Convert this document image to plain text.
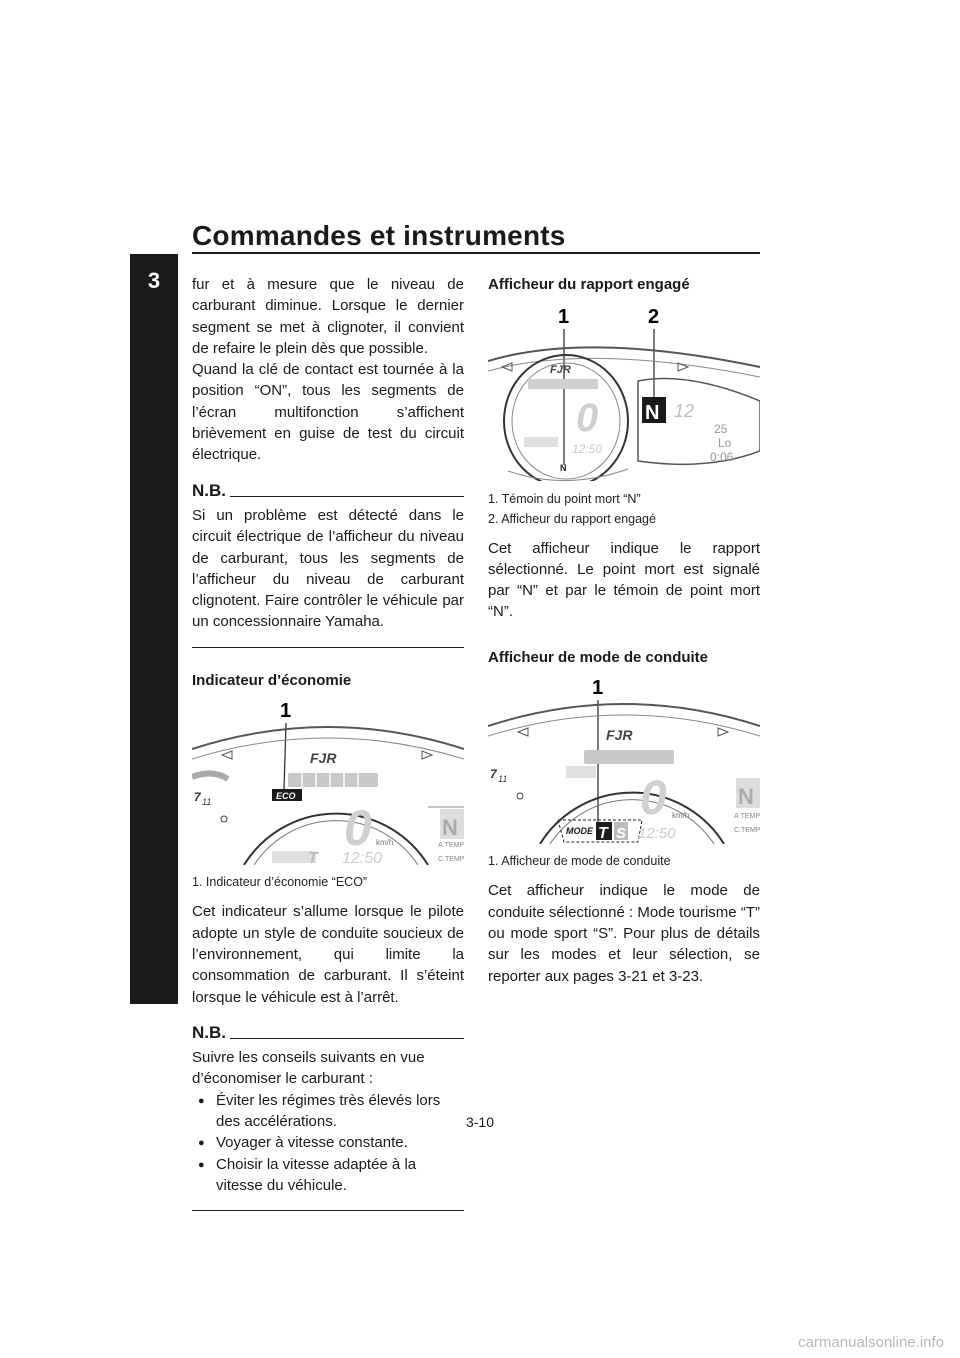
Commandes et instruments
3	fur et à mesure que le niveau de carburant diminue. Lorsque le dernier segment se met à clignoter, il convient de refaire le plein dès que possible.

Quand la clé de contact est tournée à la position “ON”, tous les segments de l’écran multifonction s’affichent brièvement en guise de test du circuit électrique.

N.B.

Si un problème est détecté dans le circuit électrique de l’afficheur du niveau de carburant, tous les segments de l’afficheur du niveau de carburant clignotent. Faire contrôler le véhicule par un concessionnaire Yamaha.

Indicateur d’économie
1
7 11
FJR
ECO
0 km/h
T 12:50
N
A.TEMP
C.TEMP
1. Indicateur d’économie “ECO”

Cet indicateur s’allume lorsque le pilote adopte un style de conduite soucieux de l’environnement, qui limite la consommation de carburant. Il s’éteint lorsque le véhicule est à l’arrêt.

N.B.

Suivre les conseils suivants en vue d’économiser le carburant :

● Éviter les régimes très élevés lors des accélérations.
● Voyager à vitesse constante.
● Choisir la vitesse adaptée à la vitesse du véhicule.
Afficheur du rapport engagé
1	2
FJR
0
12:50
N
N 12
25
Lo
0:06
1. Témoin du point mort “N”
2. Afficheur du rapport engagé

Cet afficheur indique le rapport sélectionné. Le point mort est signalé par “N” et par le témoin de point mort “N”.

Afficheur de mode de conduite
1
7 11
FJR
0 km/h
MODE T S 12:50
N
A.TEMP
C.TEMP
1. Afficheur de mode de conduite

Cet afficheur indique le mode de conduite sélectionné : Mode tourisme “T” ou mode sport “S”. Pour plus de détails sur les modes et leur sélection, se reporter aux pages 3-21 et 3-23.

3-10
carmanualsonline.info
